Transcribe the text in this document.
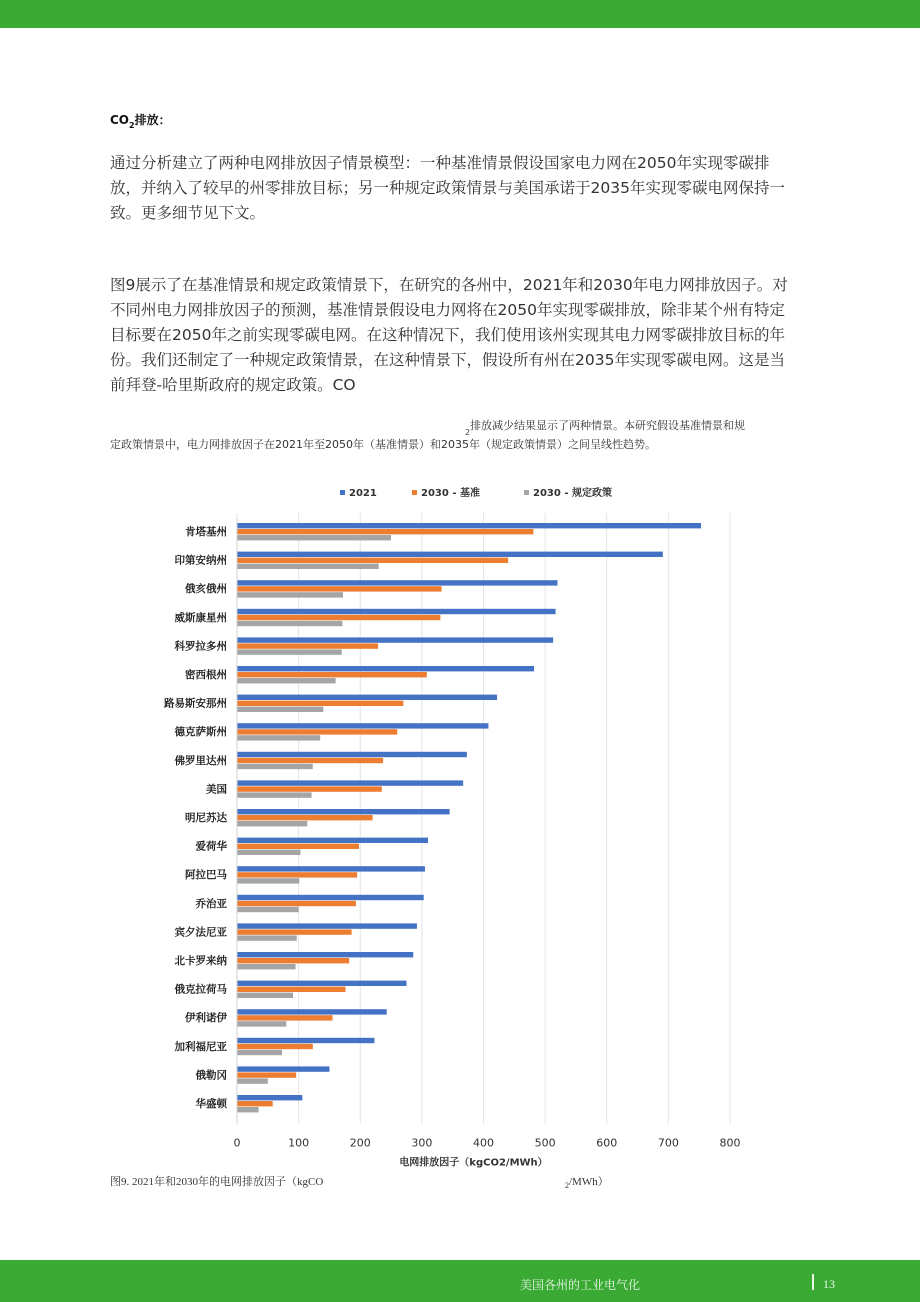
$CO_2$排放：

通过分析建立了两种电网排放因子情景模型：一种基准情景假设国家电力网在2050年实现零碳排放，并纳入了较早的州零排放目标；另一种规定政策情景与美国承诺于2035年实现零碳电网保持一致。更多细节见下文。

图9展示了在基准情景和规定政策情景下，在研究的各州中，2021年和2030年电力网排放因子。对不同州电力网排放因子的预测，基准情景假设电力网将在2050年实现零碳排放，除非某个州有特定目标要在2050年之前实现零碳电网。在这种情况下，我们使用该州实现其电力网零碳排放目标的年份。我们还制定了一种规定政策情景，在这种情景下，假设所有州在2035年实现零碳电网。这是当前拜登-哈里斯政府的规定政策。CO

2

排放减少结果显示了两种情景。本研究假设基准情景和规

定政策情景中，电力网排放因子在2021年至2050年（基准情景）和2035年（规定政策情景）之间呈线性趋势。

0	100	200	300	400	500	600	700	800
电网排放因子（kgCO2/MWh）
2021	2030 - 基准	2030 - 规定政策
肯塔基州
印第安纳州
俄亥俄州
威斯康星州
科罗拉多州
密西根州
路易斯安那州
德克萨斯州
佛罗里达州
美国
明尼苏达
爱荷华
阿拉巴马
乔治亚
宾夕法尼亚
北卡罗来纳
俄克拉荷马
伊利诺伊
加利福尼亚
俄勒冈
华盛顿
图9. 2021年和2030年的电网排放因子（kgCO	$_2$/MWh）
美国各州的工业电气化	13
